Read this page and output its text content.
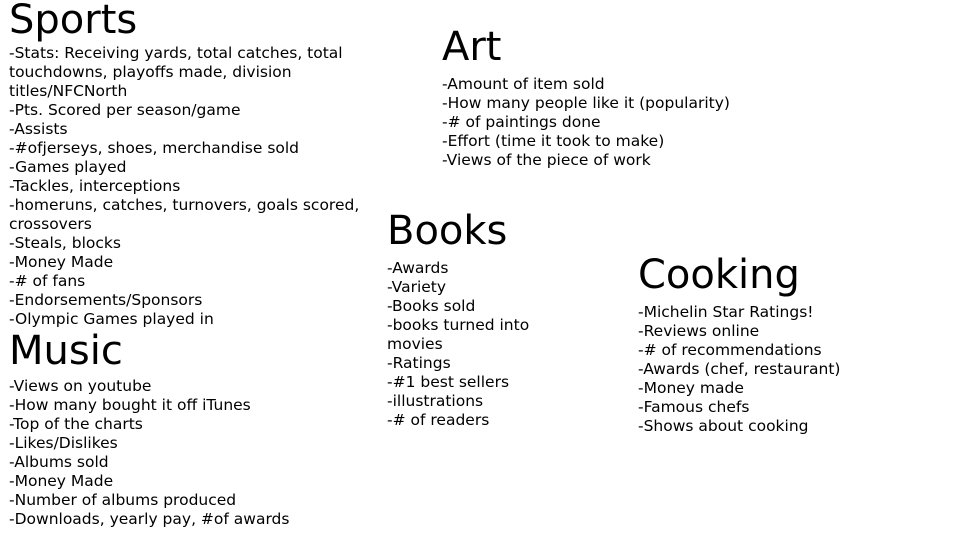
Sports
-Stats: Receiving yards, total catches, total touchdowns, playoffs made, division titles/NFCNorth
-Pts. Scored per season/game
-Assists
-#ofjerseys, shoes, merchandise sold
-Games played
-Tackles, interceptions
-homeruns, catches, turnovers, goals scored, crossovers
-Steals, blocks
-Money Made
-# of fans
-Endorsements/Sponsors
-Olympic Games played in
Music
-Views on youtube
-How many bought it off iTunes
-Top of the charts
-Likes/Dislikes
-Albums sold
-Money Made
-Number of albums produced
-Downloads, yearly pay, #of awards
Art
-Amount of item sold
-How many people like it (popularity)
-# of paintings done
-Effort (time it took to make)
-Views of the piece of work
Books
-Awards
-Variety
-Books sold
-books turned into movies
-Ratings
-#1 best sellers
-illustrations
-# of readers
Cooking
-Michelin Star Ratings!
-Reviews online
-# of recommendations
-Awards (chef, restaurant)
-Money made
-Famous chefs
-Shows about cooking
